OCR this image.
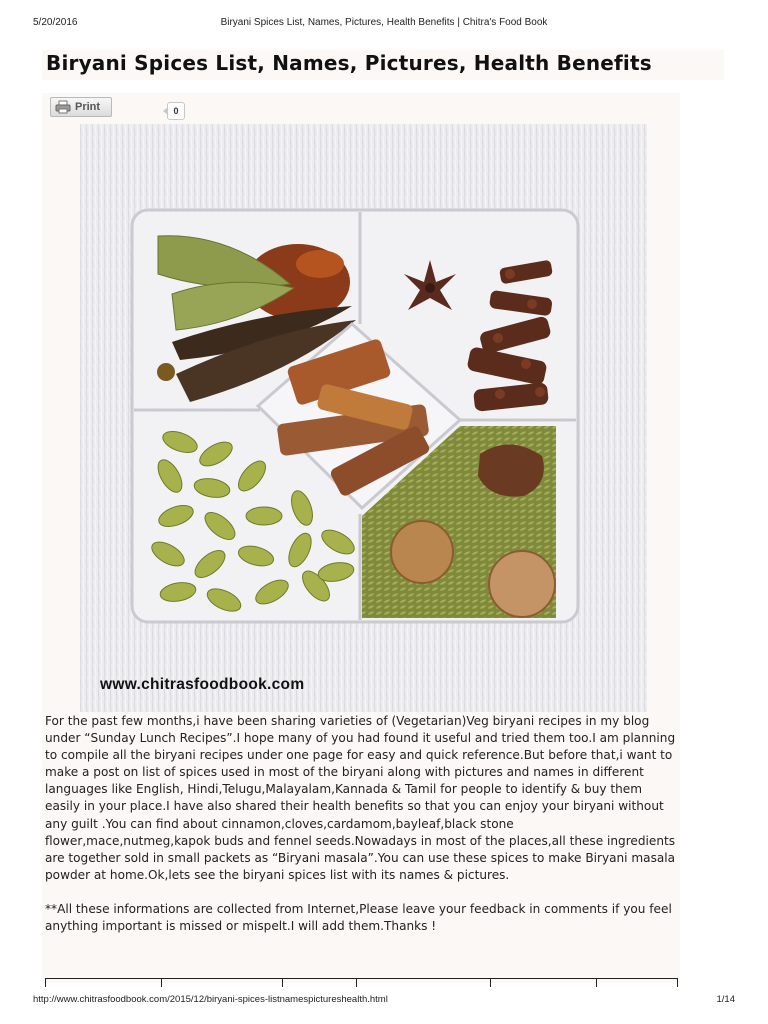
5/20/2016	Biryani Spices List, Names, Pictures, Health Benefits | Chitra's Food Book
Biryani Spices List, Names, Pictures, Health Benefits
Print	0
www.chitrasfoodbook.com

For the past few months,i have been sharing varieties of (Vegetarian)Veg biryani recipes in my blog under “Sunday Lunch Recipes”.I hope many of you had found it useful and tried them too.I am planning to compile all the biryani recipes under one page for easy and quick reference.But before that,i want to make a post on list of spices used in most of the biryani along with pictures and names in different languages like English, Hindi,Telugu,Malayalam,Kannada & Tamil for people to identify & buy them easily in your place.I have also shared their health benefits so that you can enjoy your biryani without any guilt .You can find about cinnamon,cloves,cardamom,bayleaf,black stone flower,mace,nutmeg,kapok buds and fennel seeds.Nowadays in most of the places,all these ingredients are together sold in small packets as “Biryani masala”.You can use these spices to make Biryani masala powder at home.Ok,lets see the biryani spices list with its names & pictures.

**All these informations are collected from Internet,Please leave your feedback in comments if you feel anything important is missed or mispelt.I will add them.Thanks !

http://www.chitrasfoodbook.com/2015/12/biryani-spices-listnamespictureshealth.html	1/14
